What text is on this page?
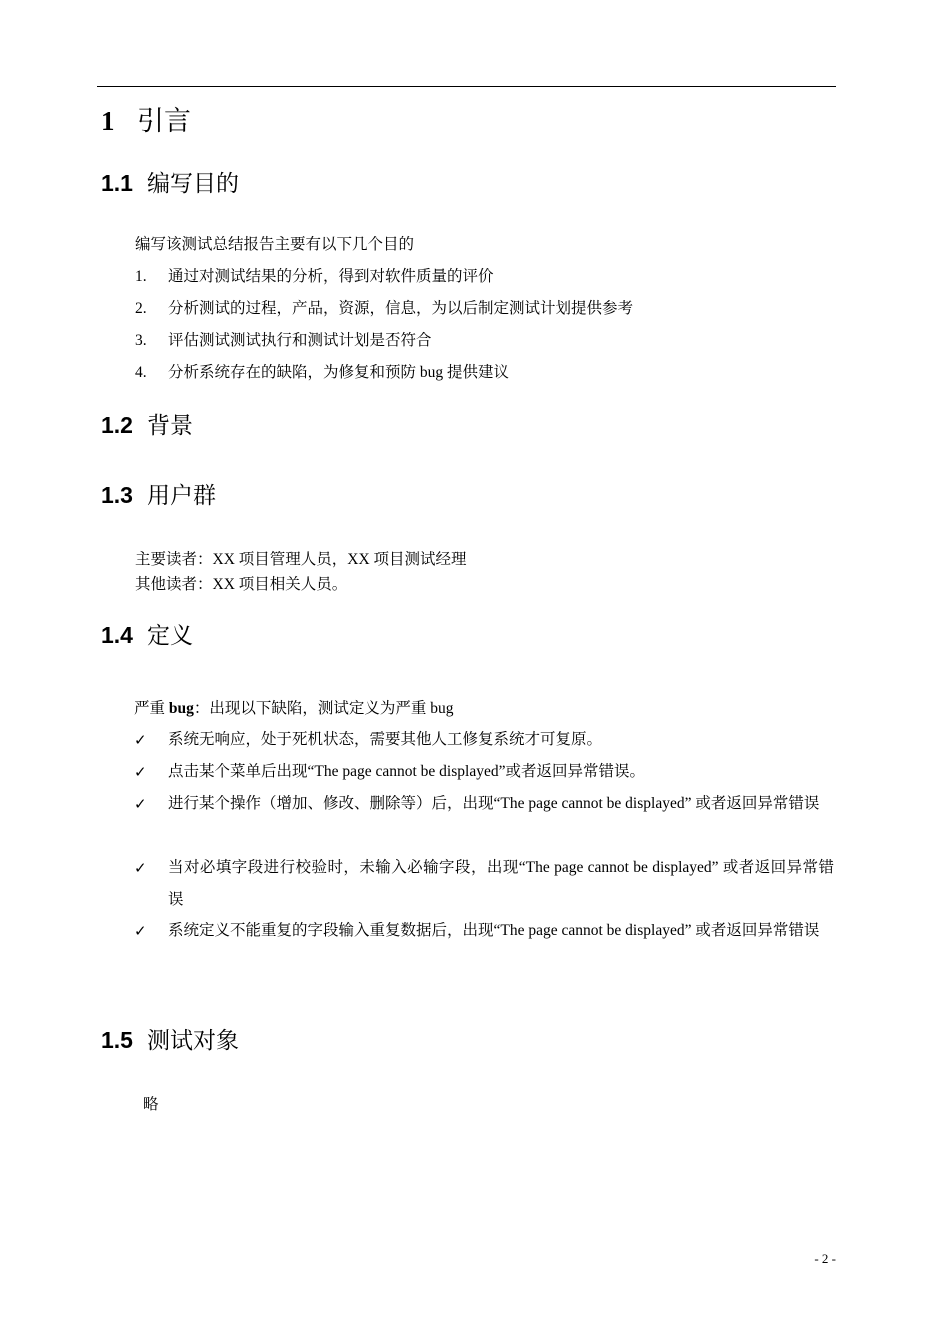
1 引言
1.1 编写目的
编写该测试总结报告主要有以下几个目的
1. 通过对测试结果的分析，得到对软件质量的评价
2. 分析测试的过程，产品，资源，信息，为以后制定测试计划提供参考
3. 评估测试测试执行和测试计划是否符合
4. 分析系统存在的缺陷，为修复和预防 bug 提供建议
1.2 背景
1.3 用户群
主要读者：XX 项目管理人员，XX 项目测试经理
其他读者：XX 项目相关人员。
1.4 定义
严重 bug：出现以下缺陷，测试定义为严重 bug
✓ 系统无响应，处于死机状态，需要其他人工修复系统才可复原。
✓ 点击某个菜单后出现“The page cannot be displayed”或者返回异常错误。
✓ 进行某个操作（增加、修改、删除等）后，出现“The page cannot be displayed” 或者返回异常错误
✓ 当对必填字段进行校验时，未输入必输字段，出现“The page cannot be displayed” 或者返回异常错误
✓ 系统定义不能重复的字段输入重复数据后，出现“The page cannot be displayed” 或者返回异常错误
1.5 测试对象
略
- 2 -
